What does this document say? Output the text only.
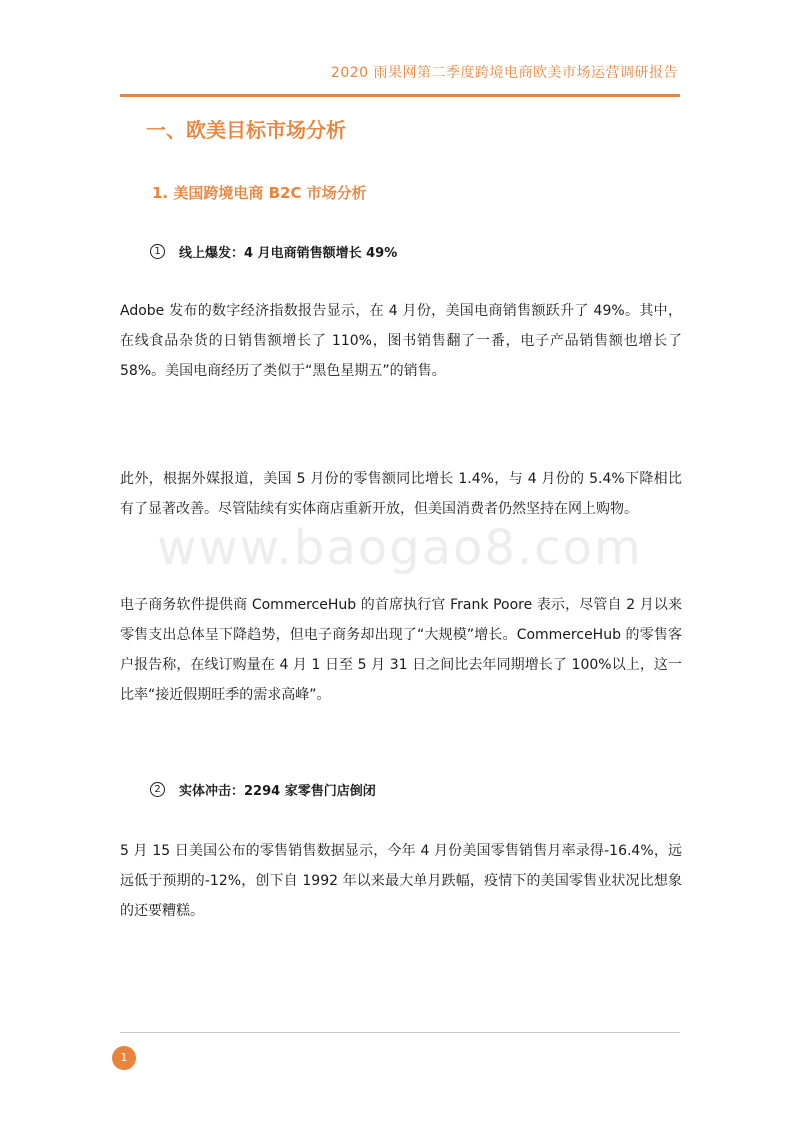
2020 雨果网第二季度跨境电商欧美市场运营调研报告
一、欧美目标市场分析
1. 美国跨境电商 B2C 市场分析
1	线上爆发：4 月电商销售额增长 49%
Adobe 发布的数字经济指数报告显示，在 4 月份，美国电商销售额跃升了 49%。其中，在线食品杂货的日销售额增长了 110%，图书销售翻了一番，电子产品销售额也增长了 58%。美国电商经历了类似于“黑色星期五”的销售。
此外，根据外媒报道，美国 5 月份的零售额同比增长 1.4%，与 4 月份的 5.4%下降相比有了显著改善。尽管陆续有实体商店重新开放，但美国消费者仍然坚持在网上购物。
www.baogao8.com
电子商务软件提供商 CommerceHub 的首席执行官 Frank Poore 表示，尽管自 2 月以来零售支出总体呈下降趋势，但电子商务却出现了“大规模”增长。CommerceHub 的零售客户报告称，在线订购量在 4 月 1 日至 5 月 31 日之间比去年同期增长了 100%以上，这一比率“接近假期旺季的需求高峰”。
2	实体冲击：2294 家零售门店倒闭
5 月 15 日美国公布的零售销售数据显示，今年 4 月份美国零售销售月率录得-16.4%，远远低于预期的-12%，创下自 1992 年以来最大单月跌幅，疫情下的美国零售业状况比想象的还要糟糕。
1
